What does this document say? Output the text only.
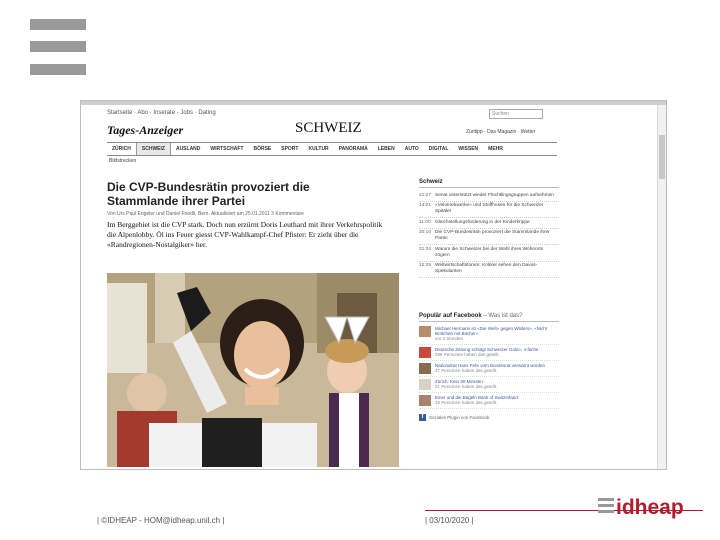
Startseite · Abo · Inserate · Jobs · Dating	Suchen
Tages-Anzeiger	SCHWEIZ	Züritipp · Das Magazin · Wetter
ZÜRICH	SCHWEIZ	AUSLAND	WIRTSCHAFT	BÖRSE	SPORT	KULTUR	PANORAMA	LEBEN	AUTO	DIGITAL	WISSEN	MEHR
Bildstrecken
Die CVP-Bundesrätin provoziert die Stammlande ihrer Partei
Von Urs Paul Engeler und Daniel Friedli, Bern. Aktualisiert am 25.01.2011 3 Kommentare
Im Berggebiet ist die CVP stark. Doch nun erzürnt Doris Leuthard mit ihrer Verkehrspolitik die Alpenlobby. Öl ins Feuer giesst CVP-Wahlkampf-Chef Pfister: Er zieht über die «Randregionen-Nostalgiker» her.
Schweiz
21:27 Senat unterstützt wieder Flüchtlingsgruppen aufnehmen
14:01 «Velotriebwerke» und Stoffhosen für die Schweizer Spitäler
11:00 Gleichstellungsforderung in der Kinderkrippe
20:10 Die CVP-Bundesrätin provoziert die Stammlande ihrer Partei
21:34 Warum die Schweizer bei der Wahl ihres Wohnorts zögern
12:25 Weltwirtschaftsforum: Kritiker sehen den Davos-Spekulanten
Populär auf Facebook – Was ist das?
Michael Hermann ist «Die Welt» gegen Wilders», «Nicht Brötchen mit Bücher»
vor 3 Stunden
Deutsche Zeitung schlägt Schweizer Gold», 4-fache
298 Personen haben das geteilt.
Nationalrat Hans Fehr vom Bundesrat verwarnt worden
47 Personen haben das geteilt.
Zürich: Kein 30-Minuten-
21 Personen haben das geteilt.
Einer und die Bügeln Bank of Switzerland
15 Personen haben das geteilt.
f	Soziales Plugin von Facebook
| ©IDHEAP - HOM@idheap.unil.ch |	| 03/10/2020 |
idheap
